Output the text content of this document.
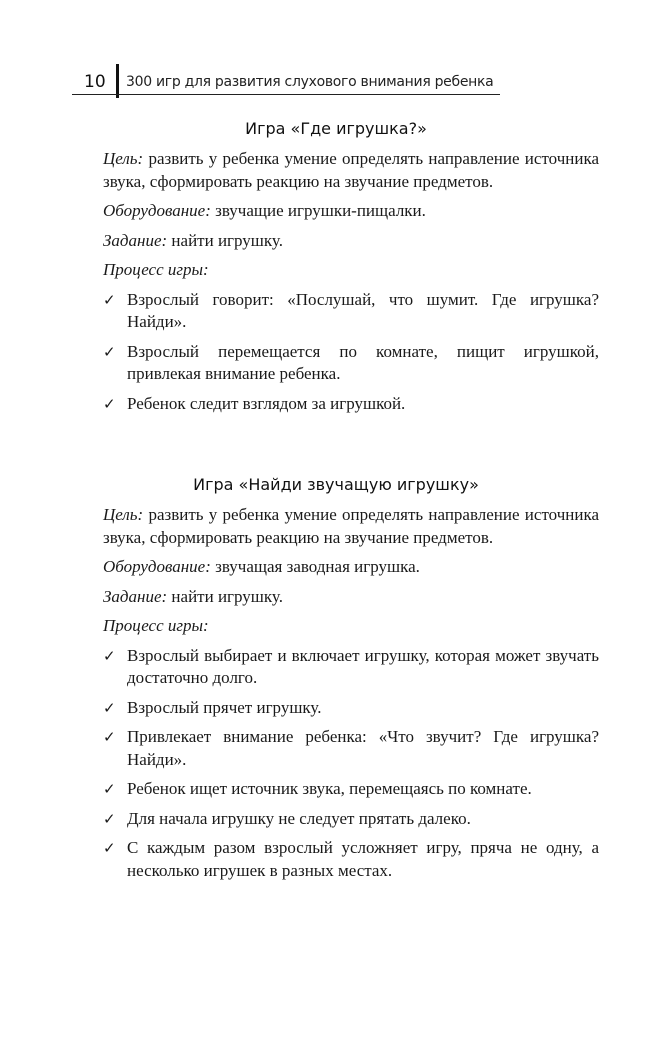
10 300 игр для развития слухового внимания ребенка
Игра «Где игрушка?»

Цель: развить у ребенка умение определять направление источника звука, сформировать реакцию на звучание предметов.

Оборудование: звучащие игрушки-пищалки.

Задание: найти игрушку.

Процесс игры:

✓ Взрослый говорит: «Послушай, что шумит. Где игрушка? Найди».
✓ Взрослый перемещается по комнате, пищит игрушкой, привлекая внимание ребенка.
✓ Ребенок следит взглядом за игрушкой.
Игра «Найди звучащую игрушку»

Цель: развить у ребенка умение определять направление источника звука, сформировать реакцию на звучание предметов.

Оборудование: звучащая заводная игрушка.

Задание: найти игрушку.

Процесс игры:

✓ Взрослый выбирает и включает игрушку, которая может звучать достаточно долго.
✓ Взрослый прячет игрушку.
✓ Привлекает внимание ребенка: «Что звучит? Где игрушка? Найди».
✓ Ребенок ищет источник звука, перемещаясь по комнате.
✓ Для начала игрушку не следует прятать далеко.
✓ С каждым разом взрослый усложняет игру, пряча не одну, а несколько игрушек в разных местах.
